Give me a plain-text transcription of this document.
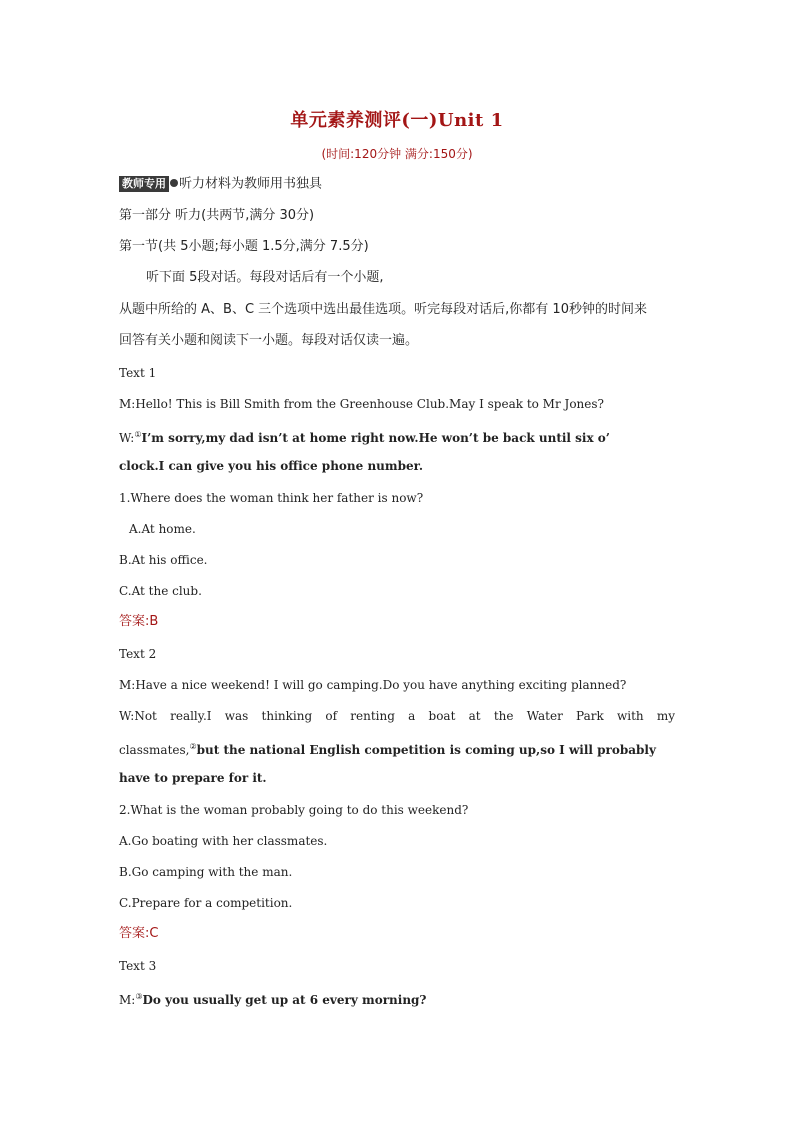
单元素养测评(一)Unit 1
(时间:120分钟 满分:150分)
教师专用 听力材料为教师用书独具
第一部分 听力(共两节,满分 30分)
第一节(共 5小题;每小题 1.5分,满分 7.5分)
听下面 5段对话。每段对话后有一个小题,
从题中所给的 A、B、C 三个选项中选出最佳选项。听完每段对话后,你都有 10秒钟的时间来
回答有关小题和阅读下一小题。每段对话仅读一遍。
Text 1
M:Hello! This is Bill Smith from the Greenhouse Club.May I speak to Mr Jones?
W:①I’m sorry,my dad isn’t at home right now.He won’t be back until six o’
clock.I can give you his office phone number.
1.Where does the woman think her father is now?
A.At home.
B.At his office.
C.At the club.
答案:B
Text 2
M:Have a nice weekend! I will go camping.Do you have anything exciting planned?
W:Not really.I was thinking of renting a boat at the Water Park with my
classmates,②but the national English competition is coming up,so I will probably
have to prepare for it.
2.What is the woman probably going to do this weekend?
A.Go boating with her classmates.
B.Go camping with the man.
C.Prepare for a competition.
答案:C
Text 3
M:③Do you usually get up at 6 every morning?
